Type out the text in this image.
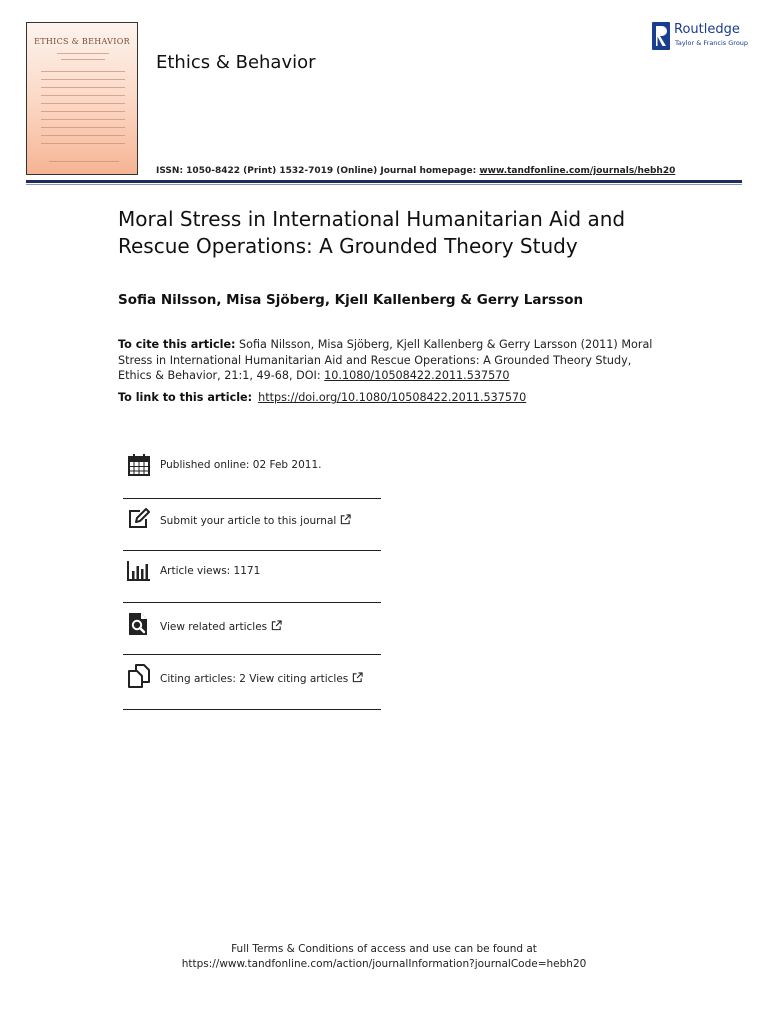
ETHICS & BEHAVIOR
Ethics & Behavior
Routledge
Taylor & Francis Group
ISSN: 1050-8422 (Print) 1532-7019 (Online) Journal homepage: www.tandfonline.com/journals/hebh20
Moral Stress in International Humanitarian Aid and Rescue Operations: A Grounded Theory Study
Sofia Nilsson, Misa Sjöberg, Kjell Kallenberg & Gerry Larsson
To cite this article: Sofia Nilsson, Misa Sjöberg, Kjell Kallenberg & Gerry Larsson (2011) Moral Stress in International Humanitarian Aid and Rescue Operations: A Grounded Theory Study, Ethics & Behavior, 21:1, 49-68, DOI: 10.1080/10508422.2011.537570
To link to this article: https://doi.org/10.1080/10508422.2011.537570
Published online: 02 Feb 2011.
Submit your article to this journal
Article views: 1171
View related articles
Citing articles: 2 View citing articles
Full Terms & Conditions of access and use can be found at
https://www.tandfonline.com/action/journalInformation?journalCode=hebh20
